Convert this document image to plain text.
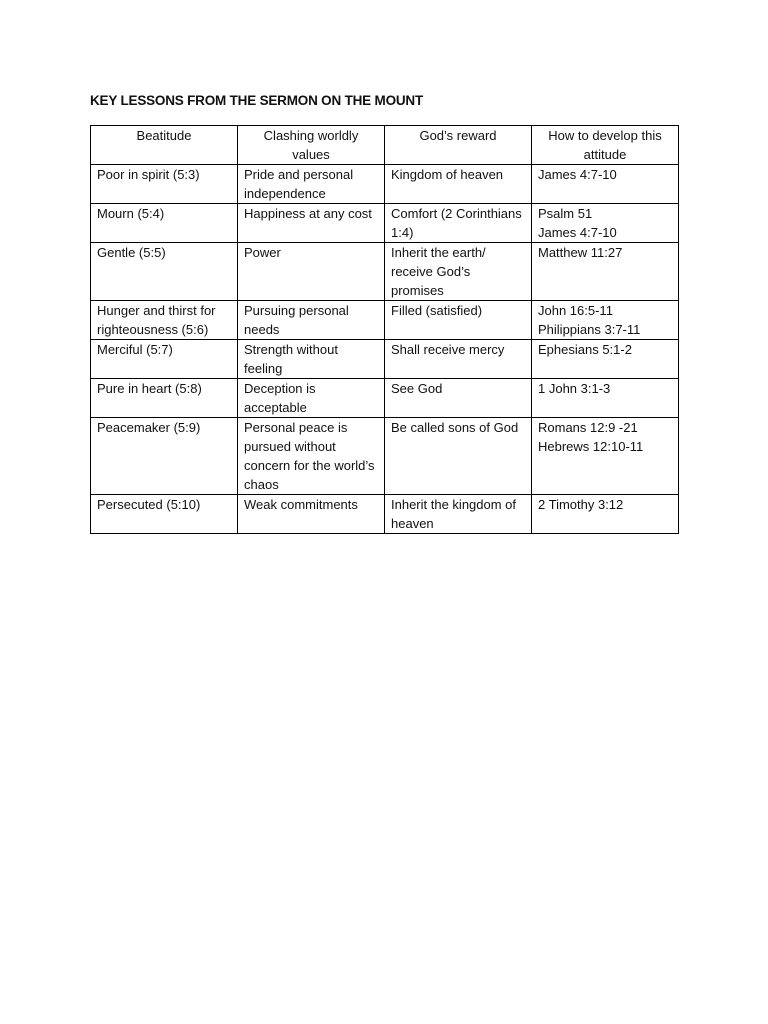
KEY LESSONS FROM THE SERMON ON THE MOUNT
Beatitude	Clashing worldly values	God’s reward	How to develop this attitude
Poor in spirit (5:3)	Pride and personal independence	Kingdom of heaven	James 4:7-10

Mourn (5:4)	Happiness at any cost	Comfort (2 Corinthians 1:4)	Psalm 51
James 4:7-10

Gentle (5:5)	Power	Inherit the earth/ receive God’s promises	Matthew 11:27

Hunger and thirst for righteousness (5:6)	Pursuing personal needs	Filled (satisfied)	John 16:5-11
Philippians 3:7-11

Merciful (5:7)	Strength without feeling	Shall receive mercy	Ephesians 5:1-2

Pure in heart (5:8)	Deception is acceptable	See God	1 John 3:1-3

Peacemaker (5:9)	Personal peace is pursued without concern for the world’s chaos	Be called sons of God	Romans 12:9 -21
Hebrews 12:10-11

Persecuted (5:10)	Weak commitments	Inherit the kingdom of heaven	2 Timothy 3:12
